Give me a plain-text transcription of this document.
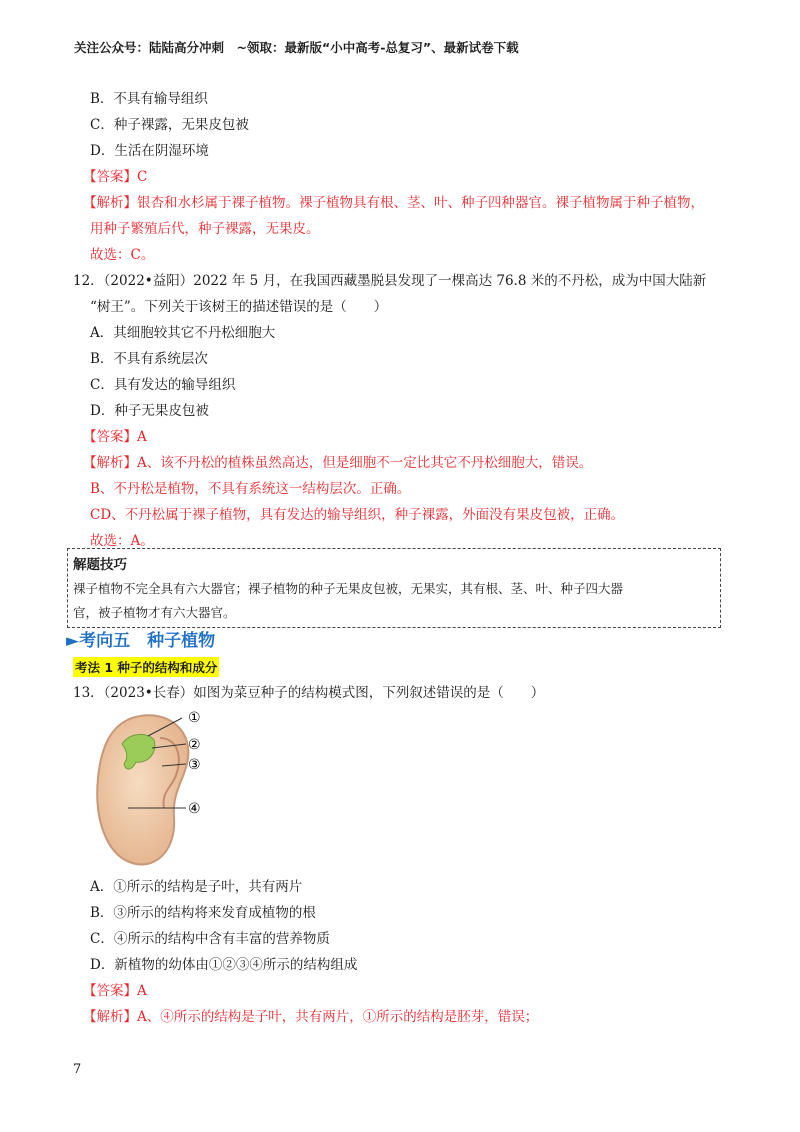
关注公众号：陆陆高分冲刺　~领取：最新版“小中高考-总复习”、最新试卷下载
B．不具有输导组织
C．种子裸露，无果皮包被
D．生活在阴湿环境
【答案】C
【解析】银杏和水杉属于裸子植物。裸子植物具有根、茎、叶、种子四种器官。裸子植物属于种子植物，
用种子繁殖后代，种子裸露，无果皮。
故选：C。
12．（2022•益阳）2022 年 5 月，在我国西藏墨脱县发现了一棵高达 76.8 米的不丹松，成为中国大陆新
“树王”。下列关于该树王的描述错误的是（　　）
A．其细胞较其它不丹松细胞大
B．不具有系统层次
C．具有发达的输导组织
D．种子无果皮包被
【答案】A
【解析】A、该不丹松的植株虽然高达，但是细胞不一定比其它不丹松细胞大，错误。
B、不丹松是植物，不具有系统这一结构层次。正确。
CD、不丹松属于裸子植物，具有发达的输导组织，种子裸露，外面没有果皮包被，正确。
故选：A。
解题技巧
裸子植物不完全具有六大器官；裸子植物的种子无果皮包被，无果实，其有根、茎、叶、种子四大器
官，被子植物才有六大器官。
►考向五　种子植物
考法 1 种子的结构和成分
13．（2023•长春）如图为菜豆种子的结构模式图，下列叙述错误的是（　　）
①
②
③
④
A．①所示的结构是子叶，共有两片
B．③所示的结构将来发育成植物的根
C．④所示的结构中含有丰富的营养物质
D．新植物的幼体由①②③④所示的结构组成
【答案】A
【解析】A、④所示的结构是子叶，共有两片，①所示的结构是胚芽，错误；
7
